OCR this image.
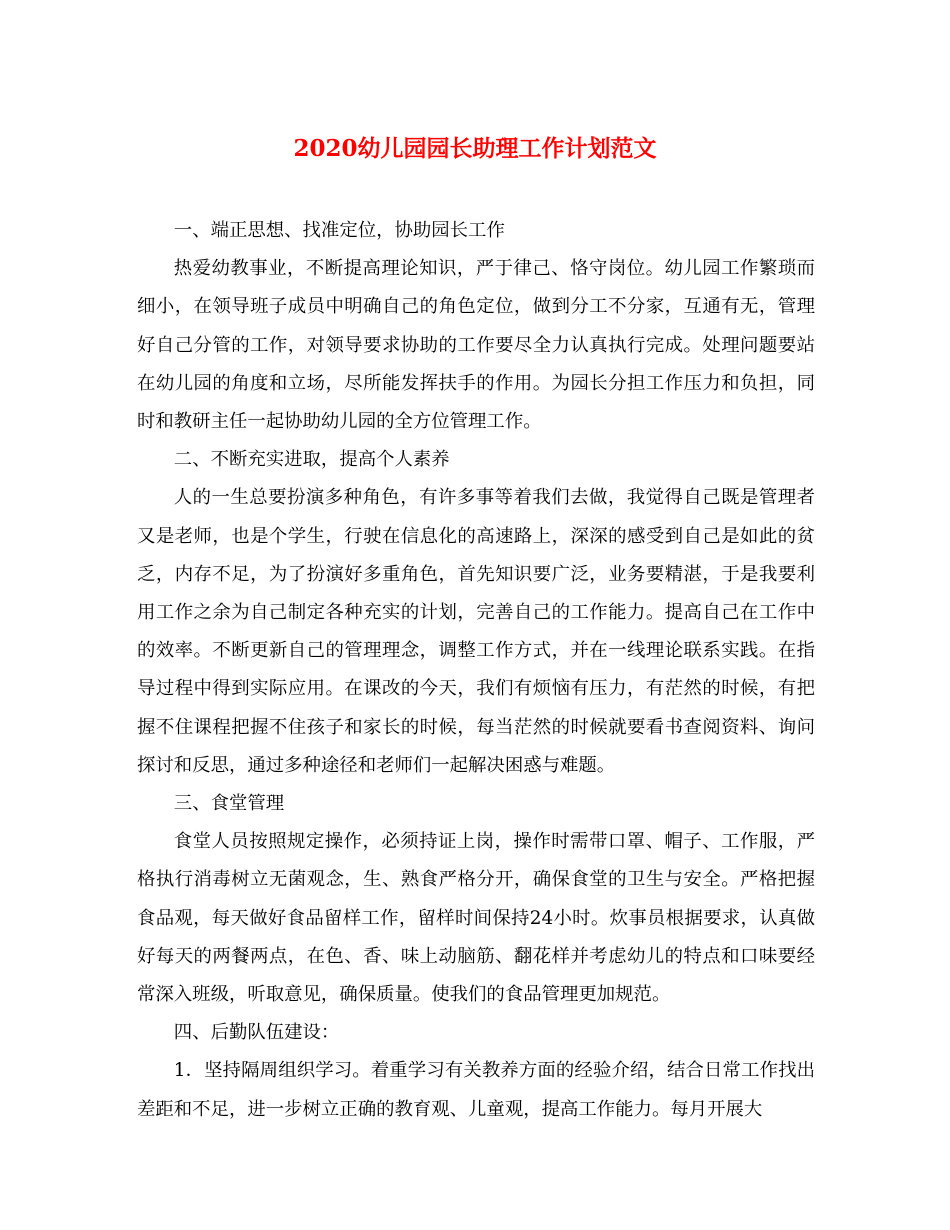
2020幼儿园园长助理工作计划范文

一、端正思想、找准定位，协助园长工作

热爱幼教事业，不断提高理论知识，严于律己、恪守岗位。幼儿园工作繁琐而细小，在领导班子成员中明确自己的角色定位，做到分工不分家，互通有无，管理好自己分管的工作，对领导要求协助的工作要尽全力认真执行完成。处理问题要站在幼儿园的角度和立场，尽所能发挥扶手的作用。为园长分担工作压力和负担，同时和教研主任一起协助幼儿园的全方位管理工作。

二、不断充实进取，提高个人素养

人的一生总要扮演多种角色，有许多事等着我们去做，我觉得自己既是管理者又是老师，也是个学生，行驶在信息化的高速路上，深深的感受到自己是如此的贫乏，内存不足，为了扮演好多重角色，首先知识要广泛，业务要精湛，于是我要利用工作之余为自己制定各种充实的计划，完善自己的工作能力。提高自己在工作中的效率。不断更新自己的管理理念，调整工作方式，并在一线理论联系实践。在指导过程中得到实际应用。在课改的今天，我们有烦恼有压力，有茫然的时候，有把握不住课程把握不住孩子和家长的时候，每当茫然的时候就要看书查阅资料、询问探讨和反思，通过多种途径和老师们一起解决困惑与难题。

三、食堂管理

食堂人员按照规定操作，必须持证上岗，操作时需带口罩、帽子、工作服，严格执行消毒树立无菌观念，生、熟食严格分开，确保食堂的卫生与安全。严格把握食品观，每天做好食品留样工作，留样时间保持24小时。炊事员根据要求，认真做好每天的两餐两点，在色、香、味上动脑筋、翻花样并考虑幼儿的特点和口味要经常深入班级，听取意见，确保质量。使我们的食品管理更加规范。

四、后勤队伍建设：

1．坚持隔周组织学习。着重学习有关教养方面的经验介绍，结合日常工作找出差距和不足，进一步树立正确的教育观、儿童观，提高工作能力。每月开展大
